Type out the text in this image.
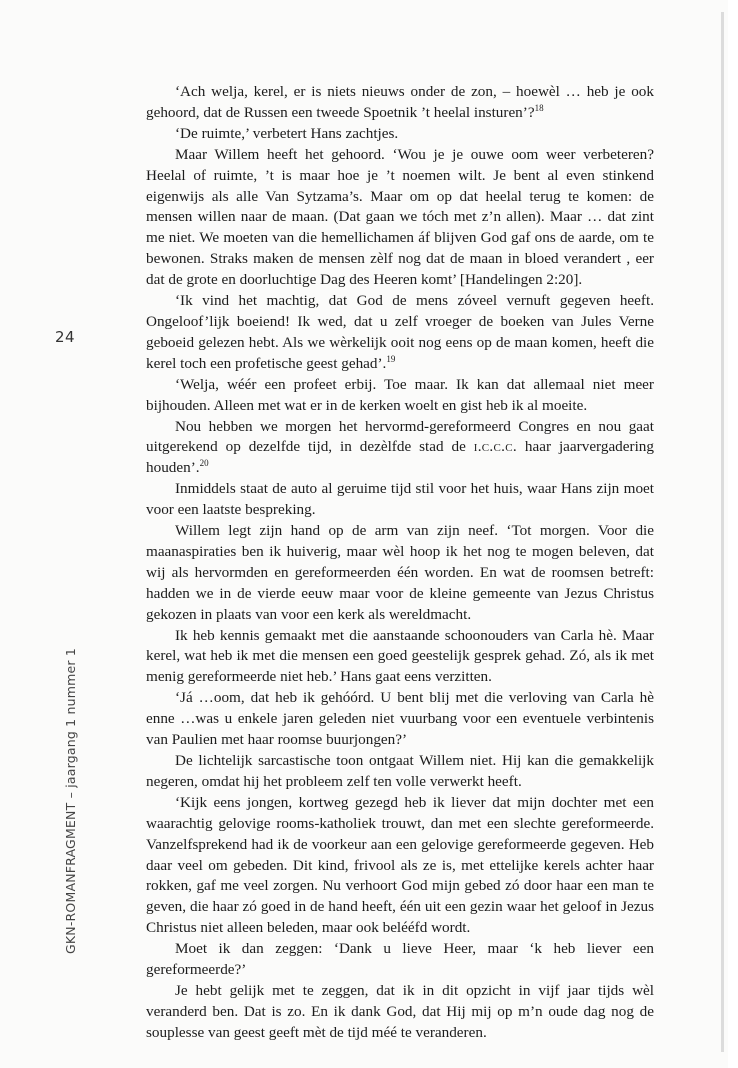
24
GKN-ROMANFRAGMENT – jaargang 1 nummer 1

‘Ach welja, kerel, er is niets nieuws onder de zon, – hoewèl … heb je ook gehoord, dat de Russen een tweede Spoetnik ’t heelal insturen’?$^{18}$

‘De ruimte,’ verbetert Hans zachtjes.

Maar Willem heeft het gehoord. ‘Wou je je ouwe oom weer verbeteren? Heelal of ruimte, ’t is maar hoe je ’t noemen wilt. Je bent al even stinkend eigenwijs als alle Van Sytzama’s. Maar om op dat heelal terug te komen: de mensen willen naar de maan. (Dat gaan we tóch met z’n allen). Maar … dat zint me niet. We moeten van die hemellichamen áf blijven God gaf ons de aarde, om te bewonen. Straks maken de mensen zèlf nog dat de maan in bloed verandert , eer dat de grote en doorluchtige Dag des Heeren komt’ [Handelingen 2:20].

‘Ik vind het machtig, dat God de mens zóveel vernuft gegeven heeft. Ongeloof’lijk boeiend! Ik wed, dat u zelf vroeger de boeken van Jules Verne geboeid gelezen hebt. Als we wèrkelijk ooit nog eens op de maan komen, heeft die kerel toch een profetische geest gehad’.$^{19}$

‘Welja, wéér een profeet erbij. Toe maar. Ik kan dat allemaal niet meer bijhouden. Alleen met wat er in de kerken woelt en gist heb ik al moeite.

Nou hebben we morgen het hervormd-gereformeerd Congres en nou gaat uitgerekend op dezelfde tijd, in dezèlfde stad de i.c.c.c. haar jaarvergadering houden’.$^{20}$

Inmiddels staat de auto al geruime tijd stil voor het huis, waar Hans zijn moet voor een laatste bespreking.

Willem legt zijn hand op de arm van zijn neef. ‘Tot morgen. Voor die maanaspiraties ben ik huiverig, maar wèl hoop ik het nog te mogen beleven, dat wij als hervormden en gereformeerden één worden. En wat de roomsen betreft: hadden we in de vierde eeuw maar voor de kleine gemeente van Jezus Christus gekozen in plaats van voor een kerk als wereldmacht.

Ik heb kennis gemaakt met die aanstaande schoonouders van Carla hè. Maar kerel, wat heb ik met die mensen een goed geestelijk gesprek gehad. Zó, als ik met menig gereformeerde niet heb.’ Hans gaat eens verzitten.

‘Já …oom, dat heb ik gehóórd. U bent blij met die verloving van Carla hè enne …was u enkele jaren geleden niet vuurbang voor een eventuele verbintenis van Paulien met haar roomse buurjongen?’

De lichtelijk sarcastische toon ontgaat Willem niet. Hij kan die gemakkelijk negeren, omdat hij het probleem zelf ten volle verwerkt heeft.

‘Kijk eens jongen, kortweg gezegd heb ik liever dat mijn dochter met een waarachtig gelovige rooms-katholiek trouwt, dan met een slechte gereformeerde. Vanzelfsprekend had ik de voorkeur aan een gelovige gereformeerde gegeven. Heb daar veel om gebeden. Dit kind, frivool als ze is, met ettelijke kerels achter haar rokken, gaf me veel zorgen. Nu verhoort God mijn gebed zó door haar een man te geven, die haar zó goed in de hand heeft, één uit een gezin waar het geloof in Jezus Christus niet alleen beleden, maar ook belééfd wordt.

Moet ik dan zeggen: ‘Dank u lieve Heer, maar ‘k heb liever een gereformeerde?’

Je hebt gelijk met te zeggen, dat ik in dit opzicht in vijf jaar tijds wèl veranderd ben. Dat is zo. En ik dank God, dat Hij mij op m’n oude dag nog de souplesse van geest geeft mèt de tijd méé te veranderen.
